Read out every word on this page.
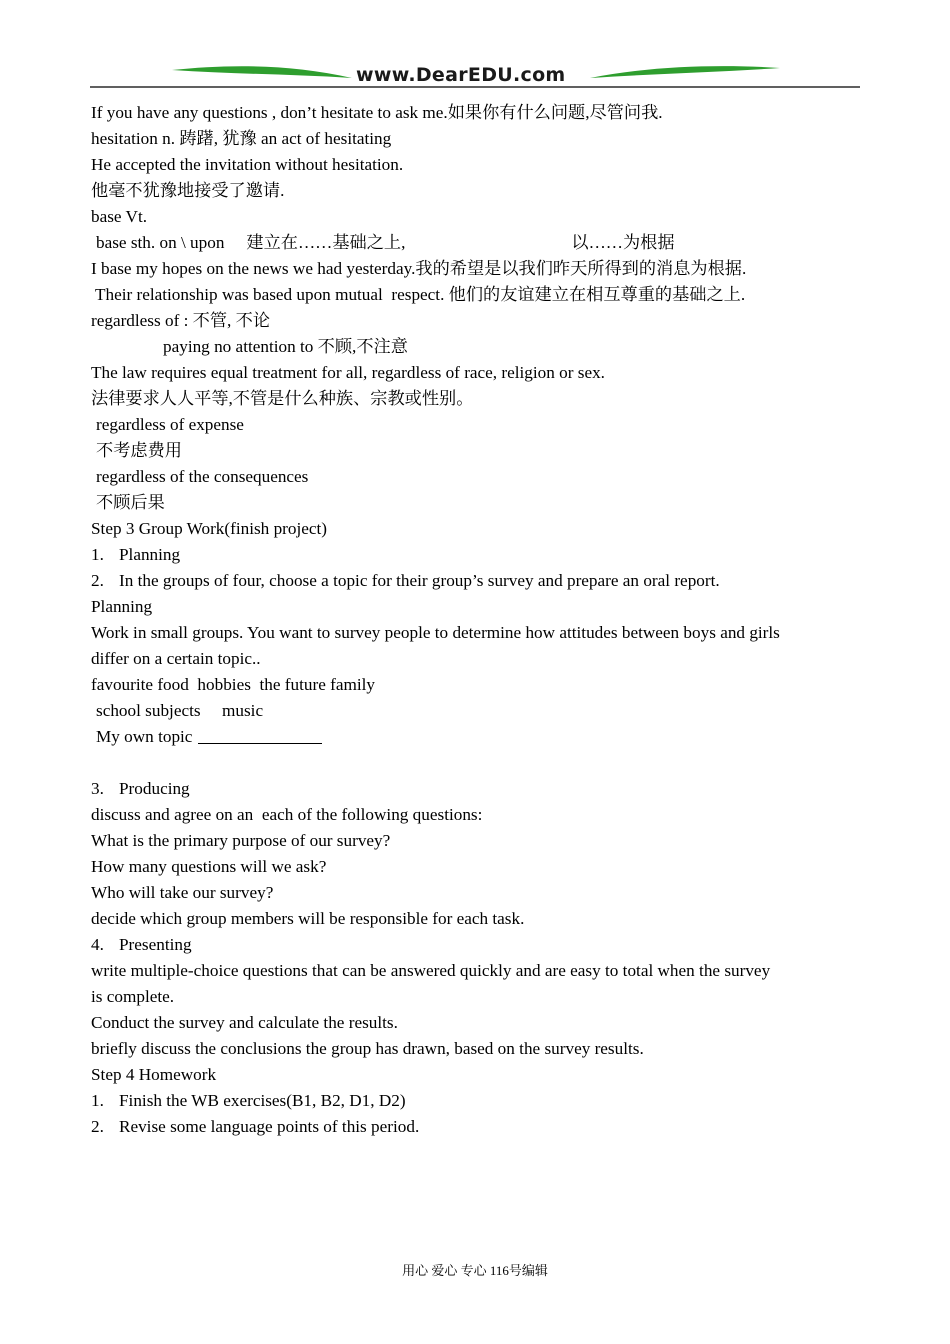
www.DearEDU.com
If you have any questions , don’t hesitate to ask me.如果你有什么问题,尽管问我.
hesitation n. 踌躇, 犹豫 an act of hesitating
He accepted the invitation without hesitation.
他毫不犹豫地接受了邀请.
base Vt.
base sth. on \ upon 建立在……基础之上,	以……为根据
I base my hopes on the news we had yesterday.我的希望是以我们昨天所得到的消息为根据.
Their relationship was based upon mutual  respect. 他们的友谊建立在相互尊重的基础之上.
regardless of : 不管, 不论
paying no attention to 不顾,不注意
The law requires equal treatment for all, regardless of race, religion or sex.
法律要求人人平等,不管是什么种族、宗教或性别。
regardless of expense
不考虑费用
regardless of the consequences
不顾后果
Step 3 Group Work(finish project)
1. Planning
2. In the groups of four, choose a topic for their group’s survey and prepare an oral report.
Planning
Work in small groups. You want to survey people to determine how attitudes between boys and girls
differ on a certain topic..
favourite food  hobbies  the future family
school subjects     music
My own topic
3. Producing
discuss and agree on an  each of the following questions:
What is the primary purpose of our survey?
How many questions will we ask?
Who will take our survey?
decide which group members will be responsible for each task.
4. Presenting
write multiple-choice questions that can be answered quickly and are easy to total when the survey
is complete.
Conduct the survey and calculate the results.
briefly discuss the conclusions the group has drawn, based on the survey results.
Step 4 Homework
1. Finish the WB exercises(B1, B2, D1, D2)
2. Revise some language points of this period.
用心 爱心 专心 116号编辑
